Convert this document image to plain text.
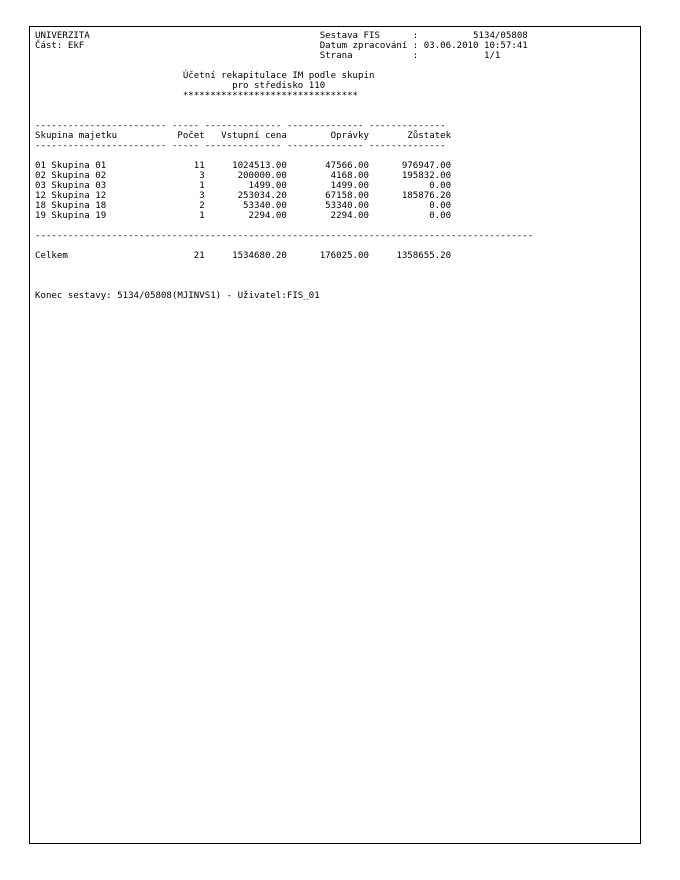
UNIVERZITA	Sestava FIS      :	5134/05808
Část: EkF	Datum zpracování : 03.06.2010 10:57:41
Strana           :	1/1

Účetní rekapitulace IM podle skupin
pro středisko 110
********************************

------------------------ ----- -------------- -------------- --------------
Skupina majetku           Počet   Vstupní cena        Oprávky       Zůstatek
------------------------ ----- -------------- -------------- --------------

01 Skupina 01                11     1024513.00       47566.00      976947.00
02 Skupina 02                 3      200000.00        4168.00      195832.00
03 Skupina 03                 1        1499.00        1499.00           0.00
12 Skupina 12                 3      253034.20       67158.00      185876.20
18 Skupina 18                 2       53340.00       53340.00           0.00
19 Skupina 19                 1        2294.00        2294.00           0.00

-------------------------------------------------------------------------------------------

Celkem                       21     1534680.20      176025.00     1358655.20

Konec sestavy: 5134/05808(MJINVS1) - Uživatel:FIS_01
